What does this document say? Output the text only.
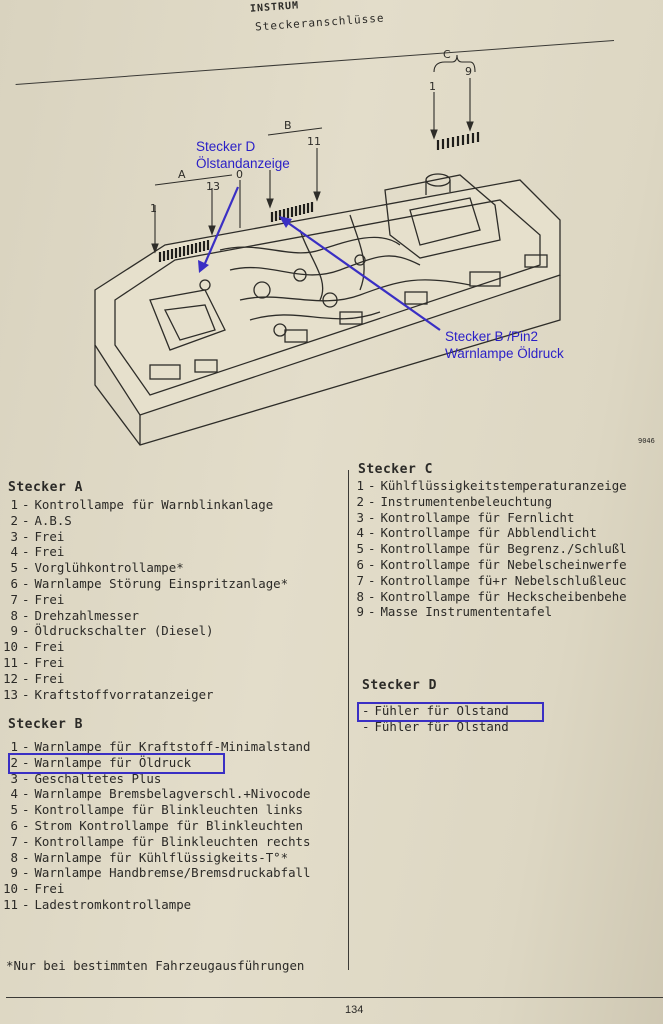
INSTRUM
Steckeranschlüsse
A
1
13
0
B
11
C
1
9
9046
Stecker D
Ölstandanzeige
Stecker B /Pin2
Warnlampe Öldruck
Stecker A
1 - Kontrollampe für Warnblinkanlage
2 - A.B.S
3 - Frei
4 - Frei
5 - Vorglühkontrollampe*
6 - Warnlampe Störung Einspritzanlage*
7 - Frei
8 - Drehzahlmesser
9 - Öldruckschalter (Diesel)
10 - Frei
11 - Frei
12 - Frei
13 - Kraftstoffvorratanzeiger
Stecker B
1 - Warnlampe für Kraftstoff-Minimalstand
2 - Warnlampe für Öldruck
3 - Geschaltetes Plus
4 - Warnlampe Bremsbelagverschl.+Nivocode
5 - Kontrollampe für Blinkleuchten links
6 - Strom Kontrollampe für Blinkleuchten
7 - Kontrollampe für Blinkleuchten rechts
8 - Warnlampe für Kühlflüssigkeits-T°*
9 - Warnlampe Handbremse/Bremsdruckabfall
10 - Frei
11 - Ladestromkontrollampe
Stecker C
1 - Kühlflüssigkeitstemperaturanzeige
2 - Instrumentenbeleuchtung
3 - Kontrollampe für Fernlicht
4 - Kontrollampe für Abblendlicht
5 - Kontrollampe für Begrenz./Schlußl
6 - Kontrollampe für Nebelscheinwerfe
7 - Kontrollampe fü+r Nebelschlußleuc
8 - Kontrollampe für Heckscheibenbehe
9 - Masse Instrumententafel
Stecker D
- Fühler für Olstand
- Fühler für Olstand
*Nur bei bestimmten Fahrzeugausführungen
134
